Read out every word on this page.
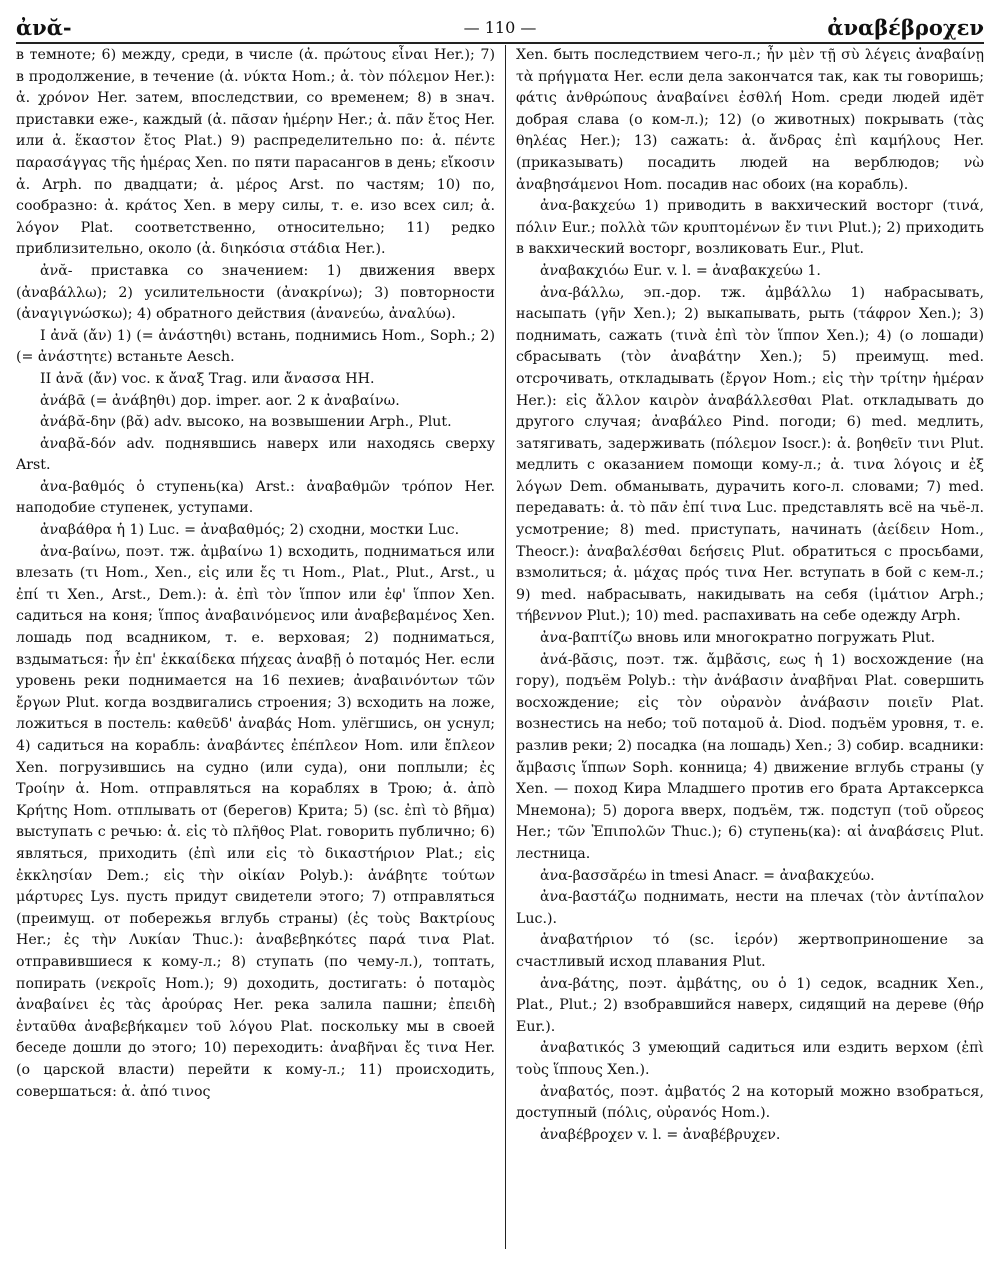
ἀνᾰ-	— 110 —	ἀναβέβροχεν

в темноте; 6) между, среди, в числе (ἀ. πρώτους εἶναι Her.); 7) в продолжение, в течение (ἀ. νύκτα Hom.; ἀ. τὸν πόλεμον Her.): ἀ. χρόνον Her. затем, впоследствии, со временем; 8) в знач. приставки еже-, каждый (ἀ. πᾶσαν ἡμέρην Her.; ἀ. πᾶν ἔτος Her. или ἀ. ἕκαστον ἔτος Plat.) 9) распределительно по: ἀ. πέντε παρασάγγας τῆς ἡμέρας Xen. по пяти парасангов в день; εἴκοσιν ἀ. Arph. по двадцати; ἀ. μέρος Arst. по частям; 10) по, сообразно: ἀ. κράτος Xen. в меру силы, т. е. изо всех сил; ἀ. λόγον Plat. соответственно, относительно; 11) редко приблизительно, около (ἀ. διηκόσια στάδια Her.).

ἀνᾰ- приставка со значением: 1) движения вверх (ἀναβάλλω); 2) усилительности (ἀνακρίνω); 3) повторности (ἀναγιγνώσκω); 4) обратного действия (ἀνανεύω, ἀναλύω).

I ἀνᾰ (ἄν) 1) (= ἀνάστηθι) встань, поднимись Hom., Soph.; 2) (= ἀνάστητε) встаньте Aesch.

II ἀνᾰ (ἄν) voc. к ἄναξ Trag. или ἄνασσα HH.

ἀνάβᾱ (= ἀνάβηθι) дор. imper. aor. 2 к ἀναβαίνω.

ἀνάβᾰ-δην (βᾰ) adv. высоко, на возвышении Arph., Plut.

ἀναβᾰ-δόν adv. поднявшись наверх или находясь сверху Arst.

ἀνα-βαθμός ὁ ступень(ка) Arst.: ἀναβαθμῶν τρόπον Her. наподобие ступенек, уступами.

ἀναβάθρα ἡ 1) Luc. = ἀναβαθμός; 2) сходни, мостки Luc.

ἀνα-βαίνω, поэт. тж. ἀμβαίνω 1) всходить, подниматься или влезать (τι Hom., Xen., εἰς или ἔς τι Hom., Plat., Plut., Arst., u ἐπί τι Xen., Arst., Dem.): ἀ. ἐπὶ τὸν ἵππον или ἐφ' ἵππον Xen. садиться на коня; ἵππος ἀναβαινόμενος или ἀναβεβαμένος Xen. лошадь под всадником, т. е. верховая; 2) подниматься, вздыматься: ἦν ἐπ' ἑκκαίδεκα πήχεας ἀναβῇ ὁ ποταμός Her. если уровень реки поднимается на 16 пехиев; ἀναβαινόντων τῶν ἔργων Plut. когда воздвигались строения; 3) всходить на ложе, ложиться в постель: καθεῦδ' ἀναβάς Hom. улёгшись, он уснул; 4) садиться на корабль: ἀναβάντες ἐπέπλεον Hom. или ἔπλεον Xen. погрузившись на судно (или суда), они поплыли; ἐς Τροίην ἀ. Hom. отправляться на кораблях в Трою; ἀ. ἀπὸ Κρήτης Hom. отплывать от (берегов) Крита; 5) (sc. ἐπὶ τὸ βῆμα) выступать с речью: ἀ. εἰς τὸ πλῆθος Plat. говорить публично; 6) являться, приходить (ἐπὶ или εἰς τὸ δικαστήριον Plat.; εἰς ἐκκλησίαν Dem.; εἰς τὴν οἰκίαν Polyb.): ἀνάβητε τούτων μάρτυρες Lys. пусть придут свидетели этого; 7) отправляться (преимущ. от побережья вглубь страны) (ἐς τοὺς Βακτρίους Her.; ἐς τὴν Λυκίαν Thuc.): ἀναβεβηκότες παρά τινα Plat. отправившиеся к кому-л.; 8) ступать (по чему-л.), топтать, попирать (νεκροῖς Hom.); 9) доходить, достигать: ὁ ποταμὸς ἀναβαίνει ἐς τὰς ἀρούρας Her. река залила пашни; ἐπειδὴ ἐνταῦθα ἀναβεβήκαμεν τοῦ λόγου Plat. поскольку мы в своей беседе дошли до этого; 10) переходить: ἀναβῆναι ἔς τινα Her. (о царской власти) перейти к кому-л.; 11) происходить, совершаться: ἀ. ἀπό τινος

Xen. быть последствием чего-л.; ἦν μὲν τῇ σὺ λέγεις ἀναβαίνῃ τὰ πρήγματα Her. если дела закончатся так, как ты говоришь; φάτις ἀνθρώπους ἀναβαίνει ἐσθλή Hom. среди людей идёт добрая слава (о ком-л.); 12) (о животных) покрывать (τὰς θηλέας Her.); 13) сажать: ἀ. ἄνδρας ἐπὶ καμήλους Her. (приказывать) посадить людей на верблюдов; νὼ ἀναβησάμενοι Hom. посадив нас обоих (на корабль).

ἀνα-βακχεύω 1) приводить в вакхический восторг (τινά, πόλιν Eur.; πολλὰ τῶν κρυπτομένων ἔν τινι Plut.); 2) приходить в вакхический восторг, возликовать Eur., Plut.

ἀναβακχιόω Eur. v. l. = ἀναβακχεύω 1.

ἀνα-βάλλω, эп.-дор. тж. ἀμβάλλω 1) набрасывать, насыпать (γῆν Xen.); 2) выкапывать, рыть (τάφρον Xen.); 3) поднимать, сажать (τινὰ ἐπὶ τὸν ἵππον Xen.); 4) (о лошади) сбрасывать (τὸν ἀναβάτην Xen.); 5) преимущ. med. отсрочивать, откладывать (ἔργον Hom.; εἰς τὴν τρίτην ἡμέραν Her.): εἰς ἄλλον καιρὸν ἀναβάλλεσθαι Plat. откладывать до другого случая; ἀναβάλεο Pind. погоди; 6) med. медлить, затягивать, задерживать (πόλεμον Isocr.): ἀ. βοηθεῖν τινι Plut. медлить с оказанием помощи кому-л.; ἀ. τινα λόγοις и ἐξ λόγων Dem. обманывать, дурачить кого-л. словами; 7) med. передавать: ἀ. τὸ πᾶν ἐπί τινα Luc. представлять всё на чьё-л. усмотрение; 8) med. приступать, начинать (ἀείδειν Hom., Theocr.): ἀναβαλέσθαι δεήσεις Plut. обратиться с просьбами, взмолиться; ἀ. μάχας πρός τινα Her. вступать в бой с кем-л.; 9) med. набрасывать, накидывать на себя (ἱμάτιον Arph.; τήβεννον Plut.); 10) med. распахивать на себе одежду Arph.

ἀνα-βαπτίζω вновь или многократно погружать Plut.

ἀνά-βᾰσις, поэт. тж. ἄμβᾰσις, εως ἡ 1) восхождение (на гору), подъём Polyb.: τὴν ἀνάβασιν ἀναβῆναι Plat. совершить восхождение; εἰς τὸν οὐρανὸν ἀνάβασιν ποιεῖν Plat. вознестись на небо; τοῦ ποταμοῦ ἀ. Diod. подъём уровня, т. е. разлив реки; 2) посадка (на лошадь) Xen.; 3) собир. всадники: ἄμβασις ἵππων Soph. конница; 4) движение вглубь страны (у Xen. — поход Кира Младшего против его брата Артаксеркса Мнемона); 5) дорога вверх, подъём, тж. подступ (τοῦ οὔρεος Her.; τῶν Ἐπιπολῶν Thuc.); 6) ступень(ка): αἱ ἀναβάσεις Plut. лестница.

ἀνα-βασσᾰρέω in tmesi Anacr. = ἀναβακχεύω.

ἀνα-βαστάζω поднимать, нести на плечах (τὸν ἀντίπαλον Luc.).

ἀναβατήριον τό (sc. ἱερόν) жертвоприношение за счастливый исход плавания Plut.

ἀνα-βάτης, поэт. ἀμβάτης, ου ὁ 1) седок, всадник Xen., Plat., Plut.; 2) взобравшийся наверх, сидящий на дереве (θήρ Eur.).

ἀναβατικός 3 умеющий садиться или ездить верхом (ἐπὶ τοὺς ἵππους Xen.).

ἀναβατός, поэт. ἀμβατός 2 на который можно взобраться, доступный (πόλις, οὐρανός Hom.).

ἀναβέβροχεν v. l. = ἀναβέβρυχεν.
